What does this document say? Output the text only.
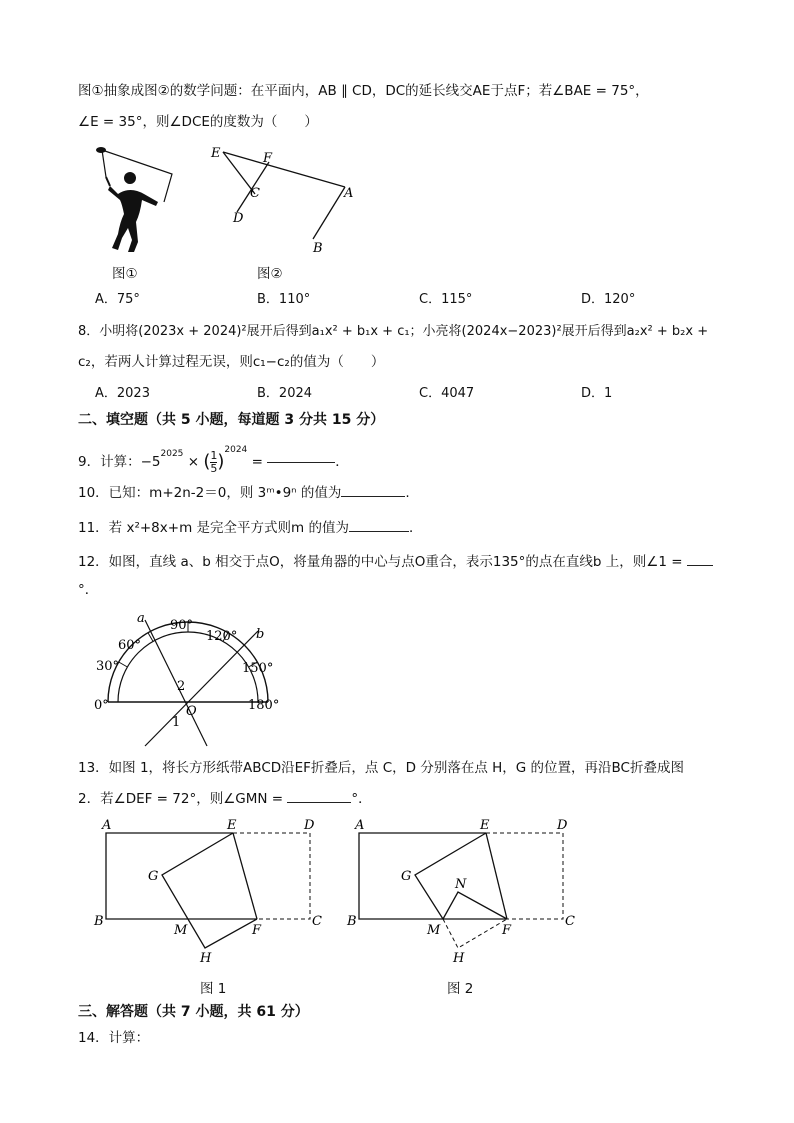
图①抽象成图②的数学问题：在平面内，AB ∥ CD，DC的延长线交AE于点F；若∠BAE = 75°，
∠E = 35°，则∠DCE的度数为（　　）
图①
E	F
C
D
A
B
图②
A．75°	B．110°	C．115°	D．120°
8．小明将(2023x + 2024)²展开后得到a₁x² + b₁x + c₁；小亮将(2024x−2023)²展开后得到a₂x² + b₂x +
c₂，若两人计算过程无误，则c₁−c₂的值为（　　）
A．2023	B．2024	C．4047	D．1
二、填空题（共 5 小题，每道题 3 分共 15 分）
9．计算：$-5^{2025}$ × ( $\frac{1}{5} )^{2024}$ =	．
10．已知：m+2n-2＝0，则 3ᵐ•9ⁿ 的值为	.
11．若 x²+8x+m 是完全平方式则m 的值为	．
12．如图，直线 a、b 相交于点O，将量角器的中心与点O重合，表示135°的点在直线b 上，则∠1 =
°．
a
b
90°
60°
120°
30°	150°
0°	180°
2
1
O
13．如图 1，将长方形纸带ABCD沿EF折叠后，点 C，D 分别落在点 H，G 的位置，再沿BC折叠成图
2．若∠DEF = 72°，则∠GMN =	°．
A	E	D
G
B
M	F
C
H
图 1
A	E	D
G
N
B
M	F
C
H
图 2
三、解答题（共 7 小题，共 61 分）
14．计算：
